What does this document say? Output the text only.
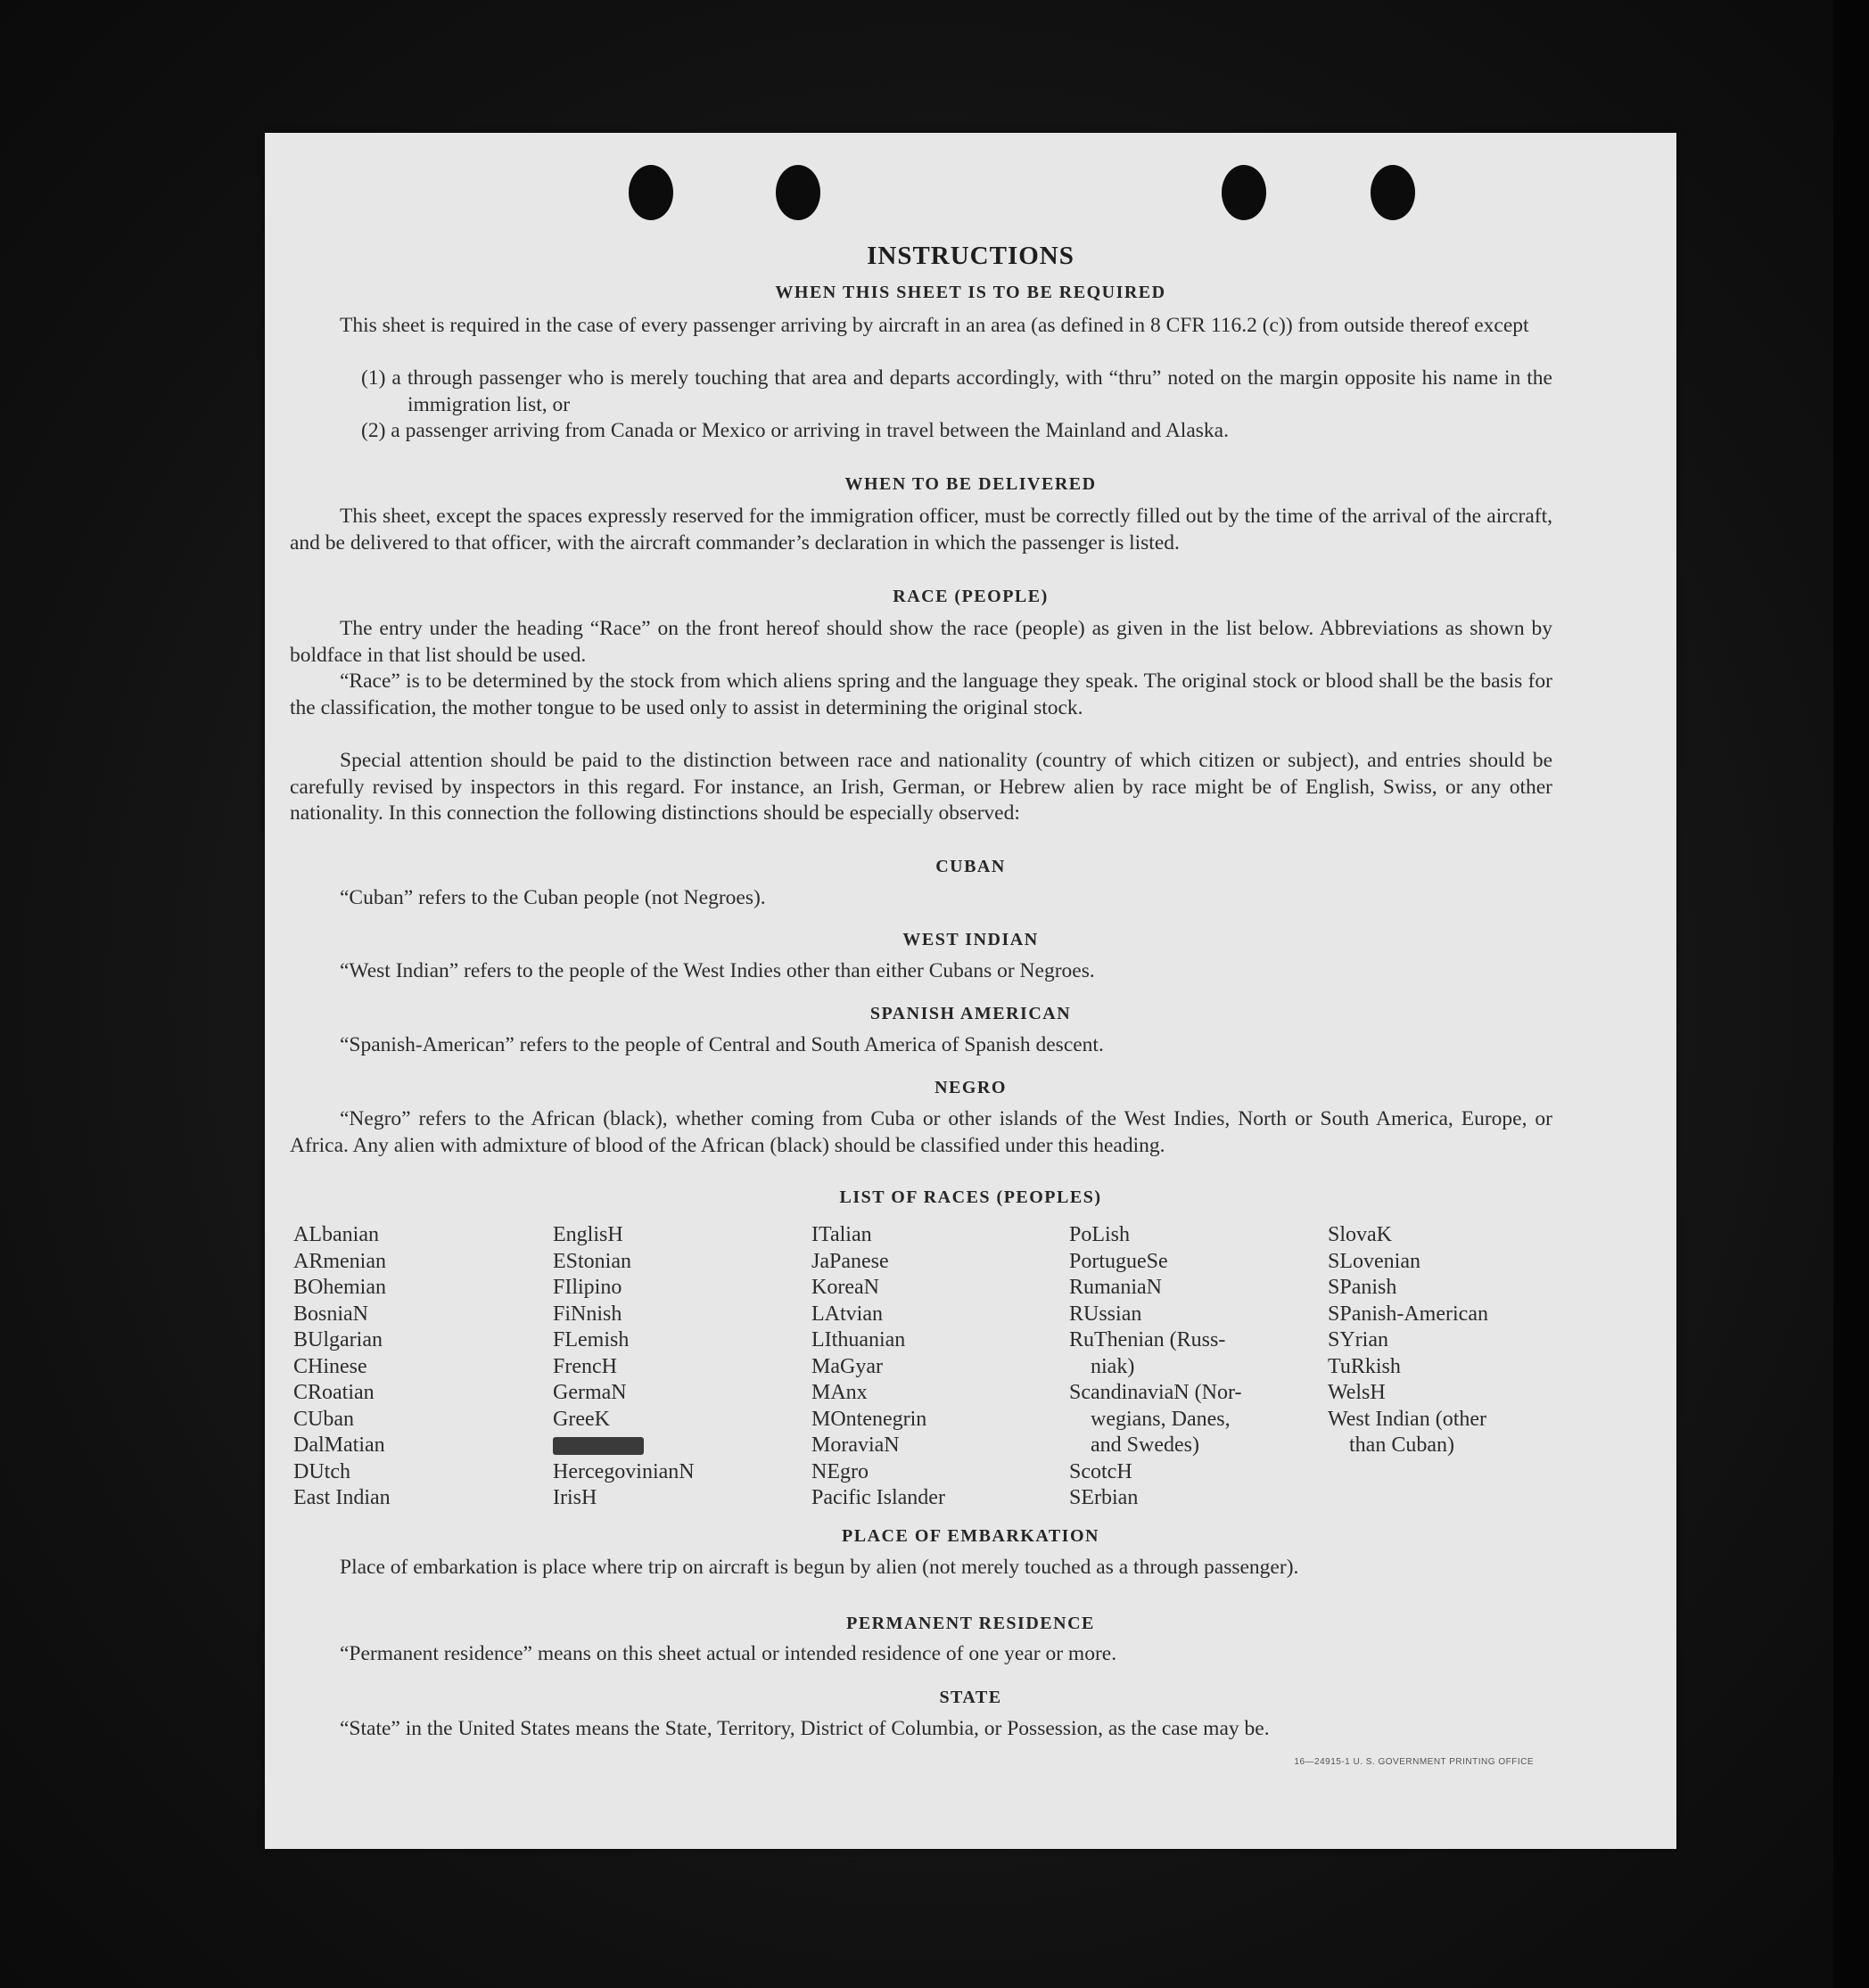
INSTRUCTIONS
WHEN THIS SHEET IS TO BE REQUIRED
This sheet is required in the case of every passenger arriving by aircraft in an area (as defined in 8 CFR 116.2 (c)) from outside thereof except
(1) a through passenger who is merely touching that area and departs accordingly, with “thru” noted on the margin opposite his name in the immigration list, or
(2) a passenger arriving from Canada or Mexico or arriving in travel between the Mainland and Alaska.
WHEN TO BE DELIVERED
This sheet, except the spaces expressly reserved for the immigration officer, must be correctly filled out by the time of the arrival of the aircraft, and be delivered to that officer, with the aircraft commander’s declaration in which the passenger is listed.
RACE (PEOPLE)
The entry under the heading “Race” on the front hereof should show the race (people) as given in the list below. Abbreviations as shown by boldface in that list should be used.
“Race” is to be determined by the stock from which aliens spring and the language they speak. The original stock or blood shall be the basis for the classification, the mother tongue to be used only to assist in determining the original stock.
Special attention should be paid to the distinction between race and nationality (country of which citizen or subject), and entries should be carefully revised by inspectors in this regard. For instance, an Irish, German, or Hebrew alien by race might be of English, Swiss, or any other nationality. In this connection the following distinctions should be especially observed:
CUBAN
“Cuban” refers to the Cuban people (not Negroes).
WEST INDIAN
“West Indian” refers to the people of the West Indies other than either Cubans or Negroes.
SPANISH AMERICAN
“Spanish-American” refers to the people of Central and South America of Spanish descent.
NEGRO
“Negro” refers to the African (black), whether coming from Cuba or other islands of the West Indies, North or South America, Europe, or Africa. Any alien with admixture of blood of the African (black) should be classified under this heading.
LIST OF RACES (PEOPLES)
ALbanian
ARmenian
BOhemian
BosniaN
BUlgarian
CHinese
CRoatian
CUban
DalMatian
DUtch
East Indian
EnglisH
EStonian
FIlipino
FiNnish
FLemish
FrencH
GermaN
GreeK
HercegovinianN
IrisH
ITalian
JaPanese
KoreaN
LAtvian
LIthuanian
MaGyar
MAnx
MOntenegrin
MoraviaN
NEgro
Pacific Islander
PoLish
PortugueSe
RumaniaN
RUssian
RuThenian (Russ-
niak)
ScandinaviaN (Nor-
wegians, Danes,
and Swedes)
ScotcH
SErbian
SlovaK
SLovenian
SPanish
SPanish-American
SYrian
TuRkish
WelsH
West Indian (other
than Cuban)
PLACE OF EMBARKATION
Place of embarkation is place where trip on aircraft is begun by alien (not merely touched as a through passenger).
PERMANENT RESIDENCE
“Permanent residence” means on this sheet actual or intended residence of one year or more.
STATE
“State” in the United States means the State, Territory, District of Columbia, or Possession, as the case may be.
16—24915-1 U. S. GOVERNMENT PRINTING OFFICE
